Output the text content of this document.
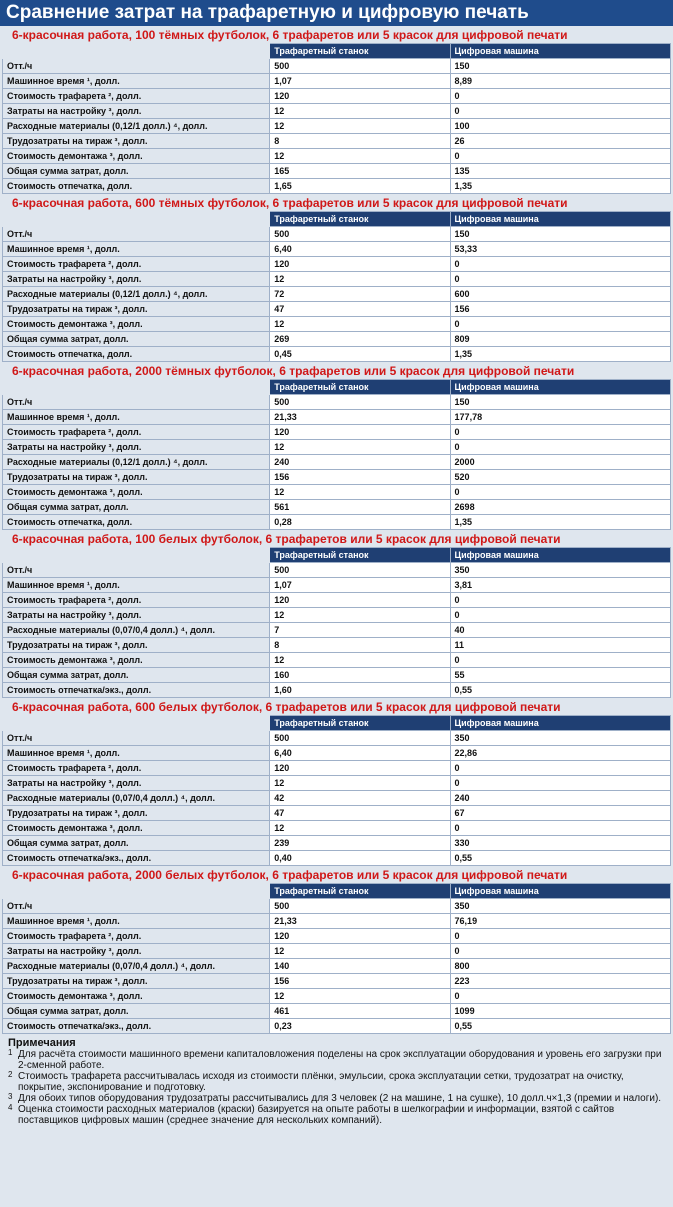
Сравнение затрат на трафаретную и цифровую печать
6-красочная работа, 100 тёмных футболок, 6 трафаретов или 5 красок для цифровой печати
	Трафаретный станок	Цифровая машина
Отт./ч	500	150
Машинное время ¹, долл.	1,07	8,89
Стоимость трафарета ², долл.	120	0
Затраты на настройку ³, долл.	12	0
Расходные материалы (0,12/1 долл.) ⁴, долл.	12	100
Трудозатраты на тираж ³, долл.	8	26
Стоимость демонтажа ³, долл.	12	0
Общая сумма затрат, долл.	165	135
Стоимость отпечатка, долл.	1,65	1,35
6-красочная работа, 600 тёмных футболок, 6 трафаретов или 5 красок для цифровой печати
	Трафаретный станок	Цифровая машина
Отт./ч	500	150
Машинное время ¹, долл.	6,40	53,33
Стоимость трафарета ², долл.	120	0
Затраты на настройку ³, долл.	12	0
Расходные материалы (0,12/1 долл.) ⁴, долл.	72	600
Трудозатраты на тираж ³, долл.	47	156
Стоимость демонтажа ³, долл.	12	0
Общая сумма затрат, долл.	269	809
Стоимость отпечатка, долл.	0,45	1,35
6-красочная работа, 2000 тёмных футболок, 6 трафаретов или 5 красок для цифровой печати
	Трафаретный станок	Цифровая машина
Отт./ч	500	150
Машинное время ¹, долл.	21,33	177,78
Стоимость трафарета ², долл.	120	0
Затраты на настройку ³, долл.	12	0
Расходные материалы (0,12/1 долл.) ⁴, долл.	240	2000
Трудозатраты на тираж ³, долл.	156	520
Стоимость демонтажа ³, долл.	12	0
Общая сумма затрат, долл.	561	2698
Стоимость отпечатка, долл.	0,28	1,35
6-красочная работа, 100 белых футболок, 6 трафаретов или 5 красок для цифровой печати
	Трафаретный станок	Цифровая машина
Отт./ч	500	350
Машинное время ¹, долл.	1,07	3,81
Стоимость трафарета ², долл.	120	0
Затраты на настройку ³, долл.	12	0
Расходные материалы (0,07/0,4 долл.) ⁴, долл.	7	40
Трудозатраты на тираж ³, долл.	8	11
Стоимость демонтажа ³, долл.	12	0
Общая сумма затрат, долл.	160	55
Стоимость отпечатка/экз., долл.	1,60	0,55
6-красочная работа, 600 белых футболок, 6 трафаретов или 5 красок для цифровой печати
	Трафаретный станок	Цифровая машина
Отт./ч	500	350
Машинное время ¹, долл.	6,40	22,86
Стоимость трафарета ², долл.	120	0
Затраты на настройку ³, долл.	12	0
Расходные материалы (0,07/0,4 долл.) ⁴, долл.	42	240
Трудозатраты на тираж ³, долл.	47	67
Стоимость демонтажа ³, долл.	12	0
Общая сумма затрат, долл.	239	330
Стоимость отпечатка/экз., долл.	0,40	0,55
6-красочная работа, 2000 белых футболок, 6 трафаретов или 5 красок для цифровой печати
	Трафаретный станок	Цифровая машина
Отт./ч	500	350
Машинное время ¹, долл.	21,33	76,19
Стоимость трафарета ², долл.	120	0
Затраты на настройку ³, долл.	12	0
Расходные материалы (0,07/0,4 долл.) ⁴, долл.	140	800
Трудозатраты на тираж ³, долл.	156	223
Стоимость демонтажа ³, долл.	12	0
Общая сумма затрат, долл.	461	1099
Стоимость отпечатка/экз., долл.	0,23	0,55
Примечания
1 Для расчёта стоимости машинного времени капиталовложения поделены на срок эксплуатации оборудования и уровень его загрузки при 2-сменной работе.
2 Стоимость трафарета рассчитывалась исходя из стоимости плёнки, эмульсии, срока эксплуатации сетки, трудозатрат на очистку, покрытие, экспонирование и подготовку.
3 Для обоих типов оборудования трудозатраты рассчитывались для 3 человек (2 на машине, 1 на сушке), 10 долл.ч×1,3 (премии и налоги).
4 Оценка стоимости расходных материалов (краски) базируется на опыте работы в шелкографии и информации, взятой с сайтов поставщиков цифровых машин (среднее значение для нескольких компаний).
